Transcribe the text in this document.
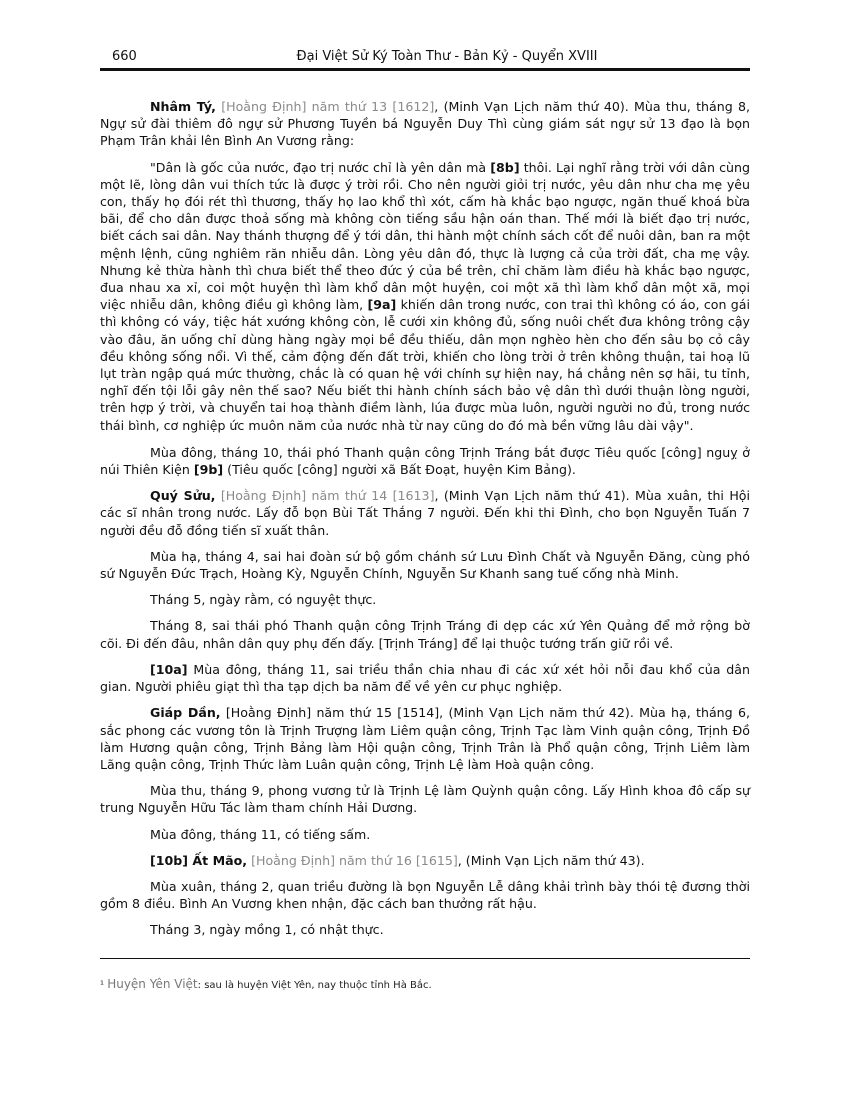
660	Đại Việt Sử Ký Toàn Thư - Bản Kỷ - Quyển XVIII

Nhâm Tý, [Hoằng Định] năm thứ 13 [1612], (Minh Vạn Lịch năm thứ 40). Mùa thu, tháng 8, Ngự sử đài thiêm đô ngự sử Phương Tuyền bá Nguyễn Duy Thì cùng giám sát ngự sử 13 đạo là bọn Phạm Trân khải lên Bình An Vương rằng:

"Dân là gốc của nước, đạo trị nước chỉ là yên dân mà [8b] thôi. Lại nghĩ rằng trời với dân cùng một lẽ, lòng dân vui thích tức là được ý trời rồi. Cho nên người giỏi trị nước, yêu dân như cha mẹ yêu con, thấy họ đói rét thì thương, thấy họ lao khổ thì xót, cấm hà khắc bạo ngược, ngăn thuế khoá bừa bãi, để cho dân được thoả sống mà không còn tiếng sầu hận oán than. Thế mới là biết đạo trị nước, biết cách sai dân. Nay thánh thượng để ý tới dân, thi hành một chính sách cốt để nuôi dân, ban ra một mệnh lệnh, cũng nghiêm răn nhiễu dân. Lòng yêu dân đó, thực là lượng cả của trời đất, cha mẹ vậy. Nhưng kẻ thừa hành thì chưa biết thể theo đức ý của bề trên, chỉ chăm làm điều hà khắc bạo ngược, đua nhau xa xỉ, coi một huyện thì làm khổ dân một huyện, coi một xã thì làm khổ dân một xã, mọi việc nhiễu dân, không điều gì không làm, [9a] khiến dân trong nước, con trai thì không có áo, con gái thì không có váy, tiệc hát xướng không còn, lễ cưới xin không đủ, sống nuôi chết đưa không trông cậy vào đâu, ăn uống chỉ dùng hàng ngày mọi bề đều thiếu, dân mọn nghèo hèn cho đến sâu bọ cỏ cây đều không sống nổi. Vì thế, cảm động đến đất trời, khiến cho lòng trời ở trên không thuận, tai hoạ lũ lụt tràn ngập quá mức thường, chắc là có quan hệ với chính sự hiện nay, há chẳng nên sợ hãi, tu tỉnh, nghĩ đến tội lỗi gây nên thế sao? Nếu biết thi hành chính sách bảo vệ dân thì dưới thuận lòng người, trên hợp ý trời, và chuyển tai hoạ thành điềm lành, lúa được mùa luôn, người người no đủ, trong nước thái bình, cơ nghiệp ức muôn năm của nước nhà từ nay cũng do đó mà bền vững lâu dài vậy".

Mùa đông, tháng 10, thái phó Thanh quận công Trịnh Tráng bắt được Tiêu quốc [công] nguỵ ở núi Thiên Kiện [9b] (Tiêu quốc [công] người xã Bất Đoạt, huyện Kim Bảng).

Quý Sửu, [Hoằng Định] năm thứ 14 [1613], (Minh Vạn Lịch năm thứ 41). Mùa xuân, thi Hội các sĩ nhân trong nước. Lấy đỗ bọn Bùi Tất Thắng 7 người. Đến khi thi Đình, cho bọn Nguyễn Tuấn 7 người đều đỗ đồng tiến sĩ xuất thân.

Mùa hạ, tháng 4, sai hai đoàn sứ bộ gồm chánh sứ Lưu Đình Chất và Nguyễn Đăng, cùng phó sứ Nguyễn Đức Trạch, Hoàng Kỳ, Nguyễn Chính, Nguyễn Sư Khanh sang tuế cống nhà Minh.

Tháng 5, ngày rằm, có nguyệt thực.

Tháng 8, sai thái phó Thanh quận công Trịnh Tráng đi dẹp các xứ Yên Quảng để mở rộng bờ cõi. Đi đến đâu, nhân dân quy phụ đến đấy. [Trịnh Tráng] để lại thuộc tướng trấn giữ rồi về.

[10a] Mùa đông, tháng 11, sai triều thần chia nhau đi các xứ xét hỏi nỗi đau khổ của dân gian. Người phiêu giạt thì tha tạp dịch ba năm để về yên cư phục nghiệp.

Giáp Dần, [Hoằng Định] năm thứ 15 [1514], (Minh Vạn Lịch năm thứ 42). Mùa hạ, tháng 6, sắc phong các vương tôn là Trịnh Trượng làm Liêm quận công, Trịnh Tạc làm Vinh quận công, Trịnh Đồ làm Hương quận công, Trịnh Bảng làm Hội quận công, Trịnh Trân là Phổ quận công, Trịnh Liêm làm Lãng quận công, Trịnh Thức làm Luân quận công, Trịnh Lệ làm Hoà quận công.

Mùa thu, tháng 9, phong vương tử là Trịnh Lệ làm Quỳnh quận công. Lấy Hình khoa đô cấp sự trung Nguyễn Hữu Tác làm tham chính Hải Dương.

Mùa đông, tháng 11, có tiếng sấm.

[10b] Ất Mão, [Hoằng Định] năm thứ 16 [1615], (Minh Vạn Lịch năm thứ 43).

Mùa xuân, tháng 2, quan triều đường là bọn Nguyễn Lễ dâng khải trình bày thói tệ đương thời gồm 8 điều. Bình An Vương khen nhận, đặc cách ban thưởng rất hậu.

Tháng 3, ngày mồng 1, có nhật thực.

¹ Huyện Yên Việt: sau là huyện Việt Yên, nay thuộc tỉnh Hà Bắc.
